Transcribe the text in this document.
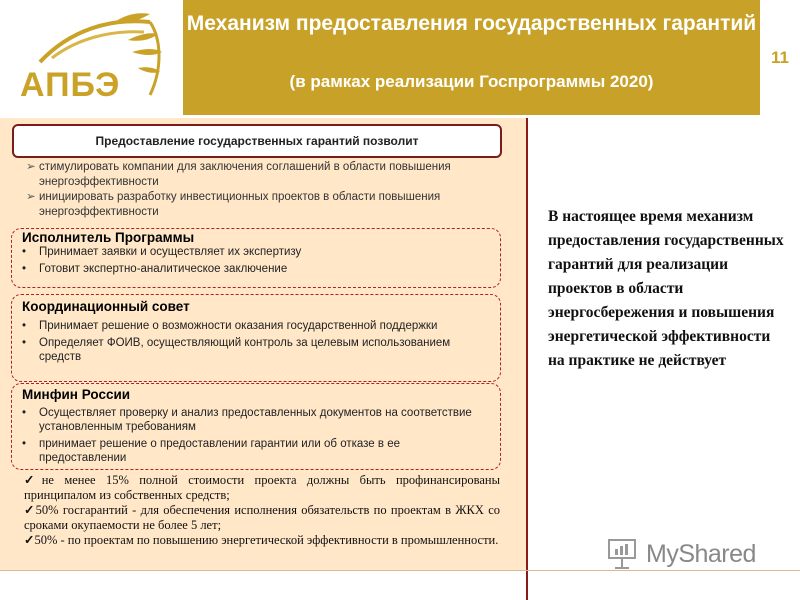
АПБЭ
Механизм предоставления государственных гарантий
(в рамках реализации Госпрограммы 2020)
11
Предоставление государственных гарантий позволит
➢ стимулировать компании для заключения соглашений в области повышения энергоэффективности
➢ инициировать разработку инвестиционных проектов в области повышения энергоэффективности
Исполнитель Программы
• Принимает заявки и осуществляет их экспертизу
• Готовит экспертно-аналитическое заключение
Координационный совет
• Принимает решение о возможности оказания государственной поддержки
• Определяет ФОИВ, осуществляющий контроль за целевым использованием средств
Минфин России
• Осуществляет проверку и анализ предоставленных документов на соответствие установленным требованиям
• принимает решение о предоставлении гарантии или об отказе в ее предоставлении
✓не менее 15% полной стоимости проекта должны быть профинансированы принципалом из собственных средств;
✓50% госгарантий - для обеспечения исполнения обязательств по проектам в ЖКХ со сроками окупаемости не более 5 лет;
✓50% - по проектам по повышению энергетической эффективности в промышленности.
В настоящее время механизм предоставления государственных гарантий для реализации проектов в области энергосбережения и повышения энергетической эффективности на практике не действует
MyShared
